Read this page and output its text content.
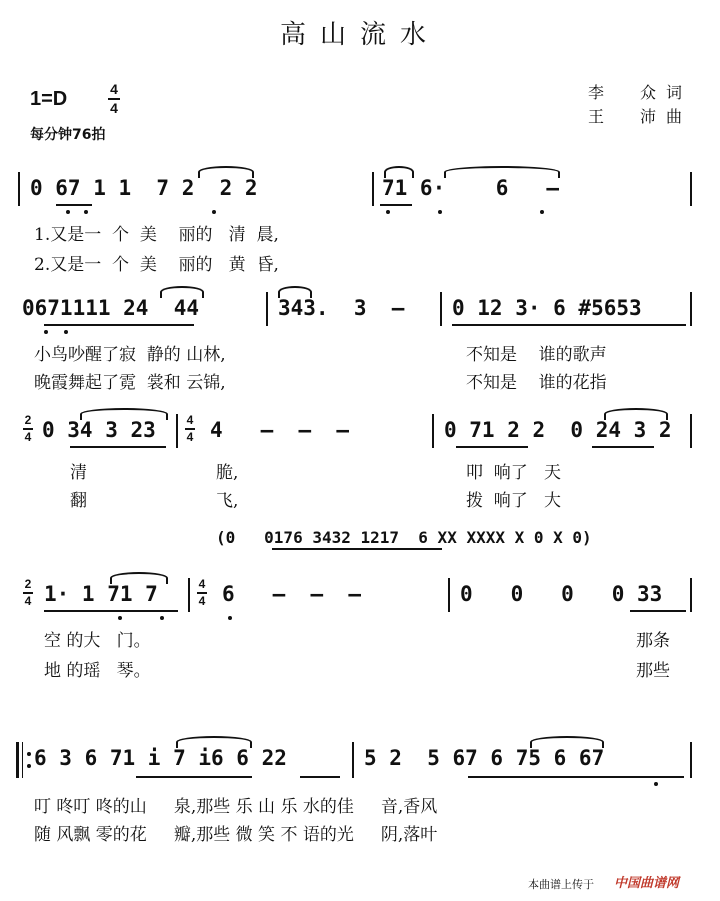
高山流水
1=D	4
4
每分钟76拍
李　众词
王　沛曲
0 67 1 1  7 2  2 2	71 6·    6   –
1.又是一  个  美    丽的   清  晨,
2.又是一  个  美    丽的   黄  昏,
0671111 24  44	343.  3  – 0 12 3· 6 #5653
小鸟吵醒了寂  静的 山林,	不知是    谁的歌声
晚霞舞起了霓  裳和 云锦,	不知是    谁的花指
2
4 0 34 3 23	4
4 4   –  –  –	0 71 2 2  0 24 3 2
清	脆,	叩  响了   天
翻	飞,	拨  响了   大
(0   0176 3432 1217  6 XX XXXX X 0 X 0)
2
4 1· 1 71 7	4
4 6   –  –  –	0   0   0   0 33
空 的大   门。	那条
地 的瑶   琴。	那些
6 3 6 71 i 7 i6 6 22	5 2  5 67 6 75 6 67
叮 咚叮 咚的山     泉,那些 乐 山 乐 水的佳     音,香风
随 风飘 零的花     瓣,那些 微 笑 不 语的光     阴,落叶
本曲谱上传于 中国曲谱网
